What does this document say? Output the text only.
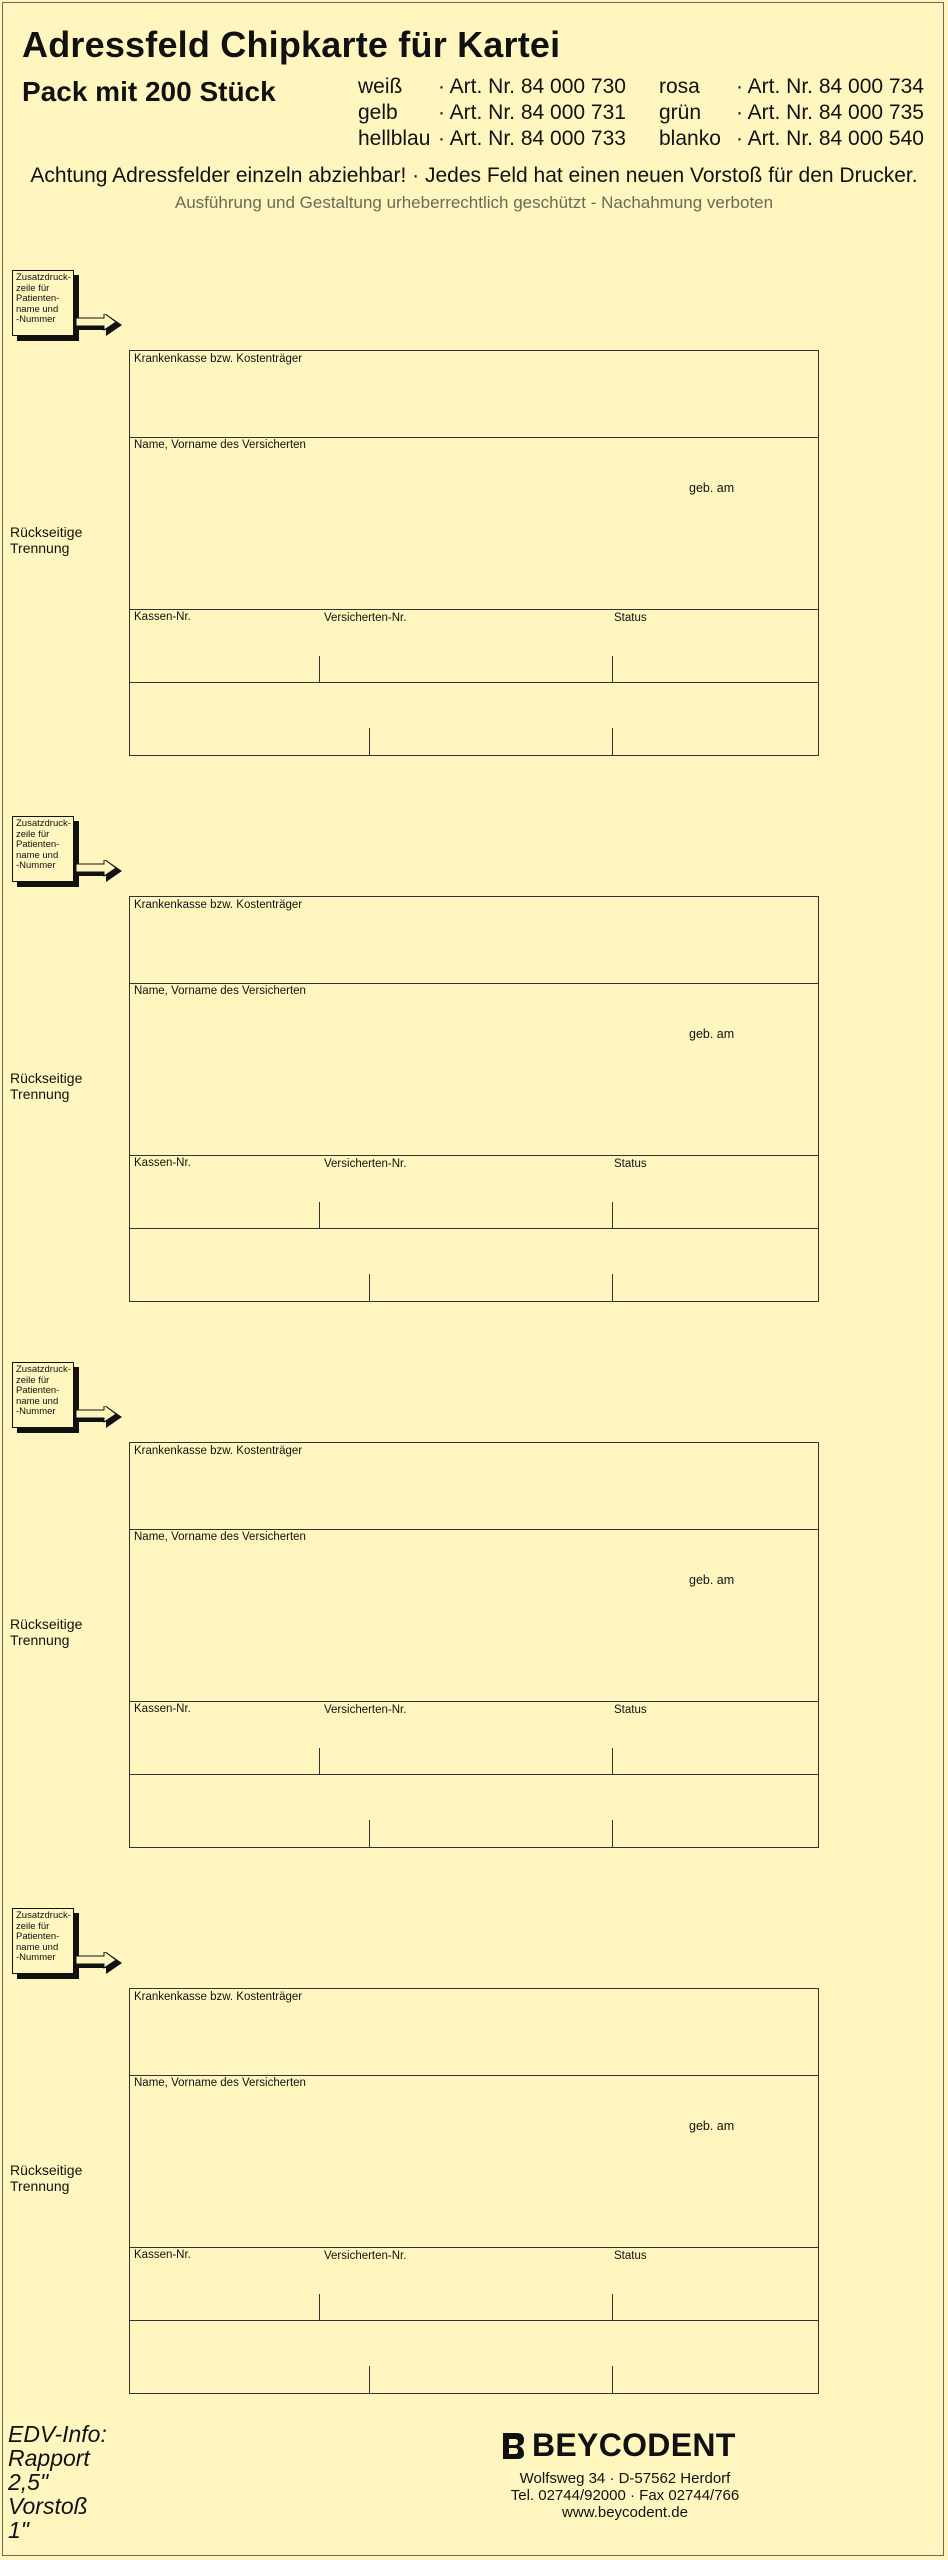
Adressfeld Chipkarte für Kartei
Pack mit 200 Stück	weiß · Art. Nr. 84 000 730 rosa · Art. Nr. 84 000 734
gelb · Art. Nr. 84 000 731 grün · Art. Nr. 84 000 735
hellblau · Art. Nr. 84 000 733 blanko · Art. Nr. 84 000 540
Achtung Adressfelder einzeln abziehbar! · Jedes Feld hat einen neuen Vorstoß für den Drucker.
Ausführung und Gestaltung urheberrechtlich geschützt - Nachahmung verboten
Zusatzdruck-
zeile für
Patienten-
name und
-Nummer
Rückseitige
Trennung
Krankenkasse bzw. Kostenträger
Name, Vorname des Versicherten
geb. am
Kassen-Nr.	Versicherten-Nr.	Status
Zusatzdruck-
zeile für
Patienten-
name und
-Nummer
Rückseitige
Trennung
Krankenkasse bzw. Kostenträger
Name, Vorname des Versicherten
geb. am
Kassen-Nr.	Versicherten-Nr.	Status
Zusatzdruck-
zeile für
Patienten-
name und
-Nummer
Rückseitige
Trennung
Krankenkasse bzw. Kostenträger
Name, Vorname des Versicherten
geb. am
Kassen-Nr.	Versicherten-Nr.	Status
Zusatzdruck-
zeile für
Patienten-
name und
-Nummer
Rückseitige
Trennung
Krankenkasse bzw. Kostenträger
Name, Vorname des Versicherten
geb. am
Kassen-Nr.	Versicherten-Nr.	Status
EDV-Info:
Rapport
2,5"
Vorstoß
1"
BEYCODENT
Wolfsweg 34 · D-57562 Herdorf
Tel. 02744/92000 · Fax 02744/766
www.beycodent.de
